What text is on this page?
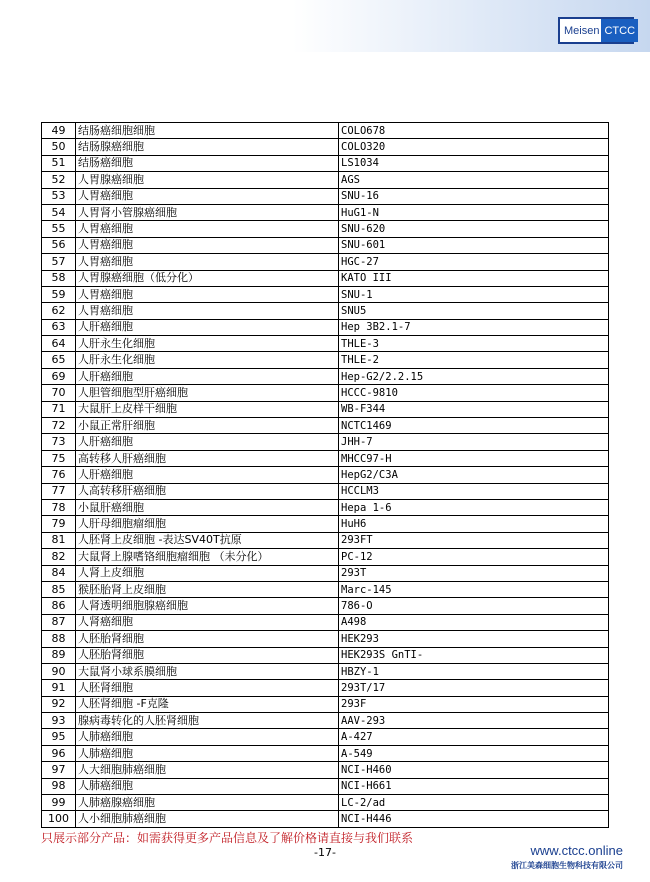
Meisen CTCC
49	结肠癌细胞细胞	COLO678
50	结肠腺癌细胞	COLO320
51	结肠癌细胞	LS1034
52	人胃腺癌细胞	AGS
53	人胃癌细胞	SNU-16
54	人胃肾小管腺癌细胞	HuG1-N
55	人胃癌细胞	SNU-620
56	人胃癌细胞	SNU-601
57	人胃癌细胞	HGC-27
58	人胃腺癌细胞（低分化）	KATO III
59	人胃癌细胞	SNU-1
62	人胃癌细胞	SNU5
63	人肝癌细胞	Hep 3B2.1-7
64	人肝永生化细胞	THLE-3
65	人肝永生化细胞	THLE-2
69	人肝癌细胞	Hep-G2/2.2.15
70	人胆管细胞型肝癌细胞	HCCC-9810
71	大鼠肝上皮样干细胞	WB-F344
72	小鼠正常肝细胞	NCTC1469
73	人肝癌细胞	JHH-7
75	高转移人肝癌细胞	MHCC97-H
76	人肝癌细胞	HepG2/C3A
77	人高转移肝癌细胞	HCCLM3
78	小鼠肝癌细胞	Hepa 1-6
79	人肝母细胞瘤细胞	HuH6
81	人胚肾上皮细胞 -表达SV40T抗原	293FT
82	大鼠肾上腺嗜铬细胞瘤细胞 （未分化）	PC-12
84	人肾上皮细胞	293T
85	猴胚胎肾上皮细胞	Marc-145
86	人肾透明细胞腺癌细胞	786-O
87	人肾癌细胞	A498
88	人胚胎肾细胞	HEK293
89	人胚胎肾细胞	HEK293S GnTI-
90	大鼠肾小球系膜细胞	HBZY-1
91	人胚肾细胞	293T/17
92	人胚肾细胞 -F克隆	293F
93	腺病毒转化的人胚肾细胞	AAV-293
95	人肺癌细胞	A-427
96	人肺癌细胞	A-549
97	人大细胞肺癌细胞	NCI-H460
98	人肺癌细胞	NCI-H661
99	人肺癌腺癌细胞	LC-2/ad
100	人小细胞肺癌细胞	NCI-H446
只展示部分产品：如需获得更多产品信息及了解价格请直接与我们联系
-17-	www.ctcc.online
浙江美森细胞生物科技有限公司
